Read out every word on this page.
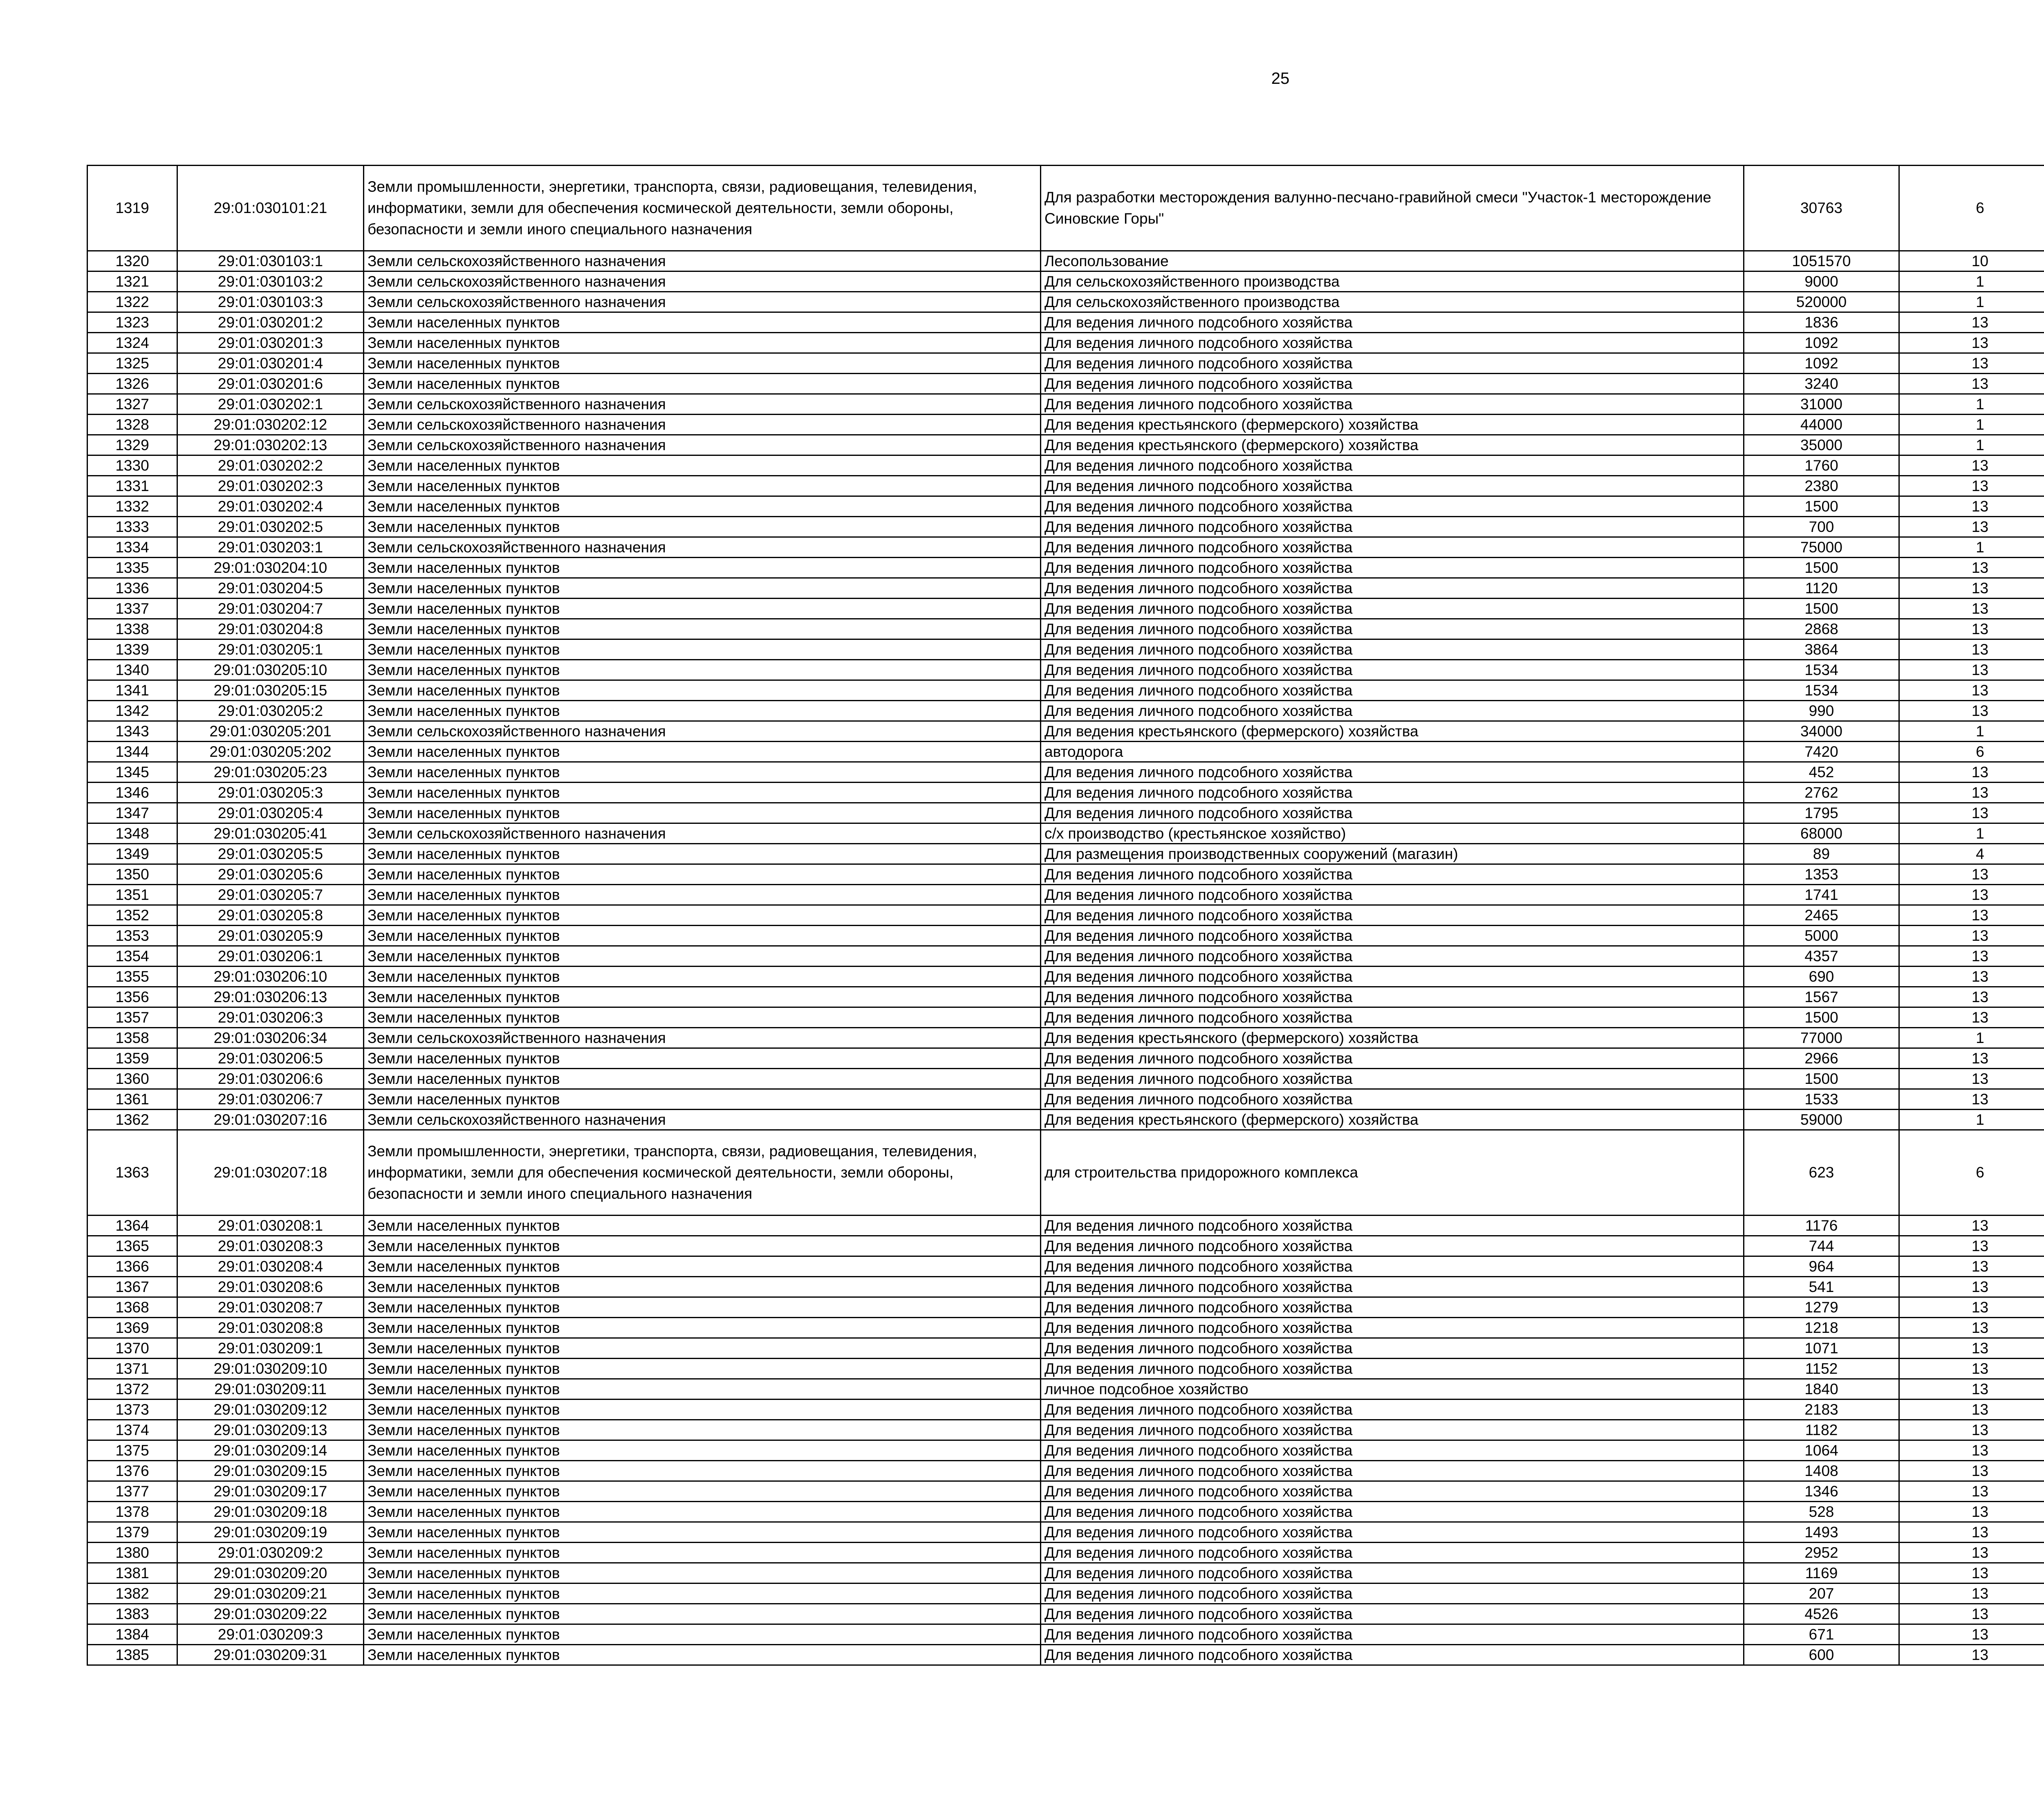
25
1319	29:01:030101:21	Земли промышленности, энергетики, транспорта, связи, радиовещания, телевидения, информатики, земли для обеспечения космической деятельности, земли обороны, безопасности и земли иного специального назначения	Для разработки месторождения валунно-песчано-гравийной смеси "Участок-1 месторождение Синовские Горы"	30763	6		
1320	29:01:030103:1	Земли сельскохозяйственного назначения	Лесопользование	1051570	10		
1321	29:01:030103:2	Земли сельскохозяйственного назначения	Для сельскохозяйственного производства	9000	1		
1322	29:01:030103:3	Земли сельскохозяйственного назначения	Для сельскохозяйственного производства	520000	1		
1323	29:01:030201:2	Земли населенных пунктов	Для ведения личного подсобного хозяйства	1836	13		
1324	29:01:030201:3	Земли населенных пунктов	Для ведения личного подсобного хозяйства	1092	13		
1325	29:01:030201:4	Земли населенных пунктов	Для ведения личного подсобного хозяйства	1092	13		
1326	29:01:030201:6	Земли населенных пунктов	Для ведения личного подсобного хозяйства	3240	13		
1327	29:01:030202:1	Земли сельскохозяйственного назначения	Для ведения личного подсобного хозяйства	31000	1		
1328	29:01:030202:12	Земли сельскохозяйственного назначения	Для ведения крестьянского (фермерского) хозяйства	44000	1		
1329	29:01:030202:13	Земли сельскохозяйственного назначения	Для ведения крестьянского (фермерского) хозяйства	35000	1		
1330	29:01:030202:2	Земли населенных пунктов	Для ведения личного подсобного хозяйства	1760	13		
1331	29:01:030202:3	Земли населенных пунктов	Для ведения личного подсобного хозяйства	2380	13		
1332	29:01:030202:4	Земли населенных пунктов	Для ведения личного подсобного хозяйства	1500	13		
1333	29:01:030202:5	Земли населенных пунктов	Для ведения личного подсобного хозяйства	700	13		
1334	29:01:030203:1	Земли сельскохозяйственного назначения	Для ведения личного подсобного хозяйства	75000	1		
1335	29:01:030204:10	Земли населенных пунктов	Для ведения личного подсобного хозяйства	1500	13		
1336	29:01:030204:5	Земли населенных пунктов	Для ведения личного подсобного хозяйства	1120	13		
1337	29:01:030204:7	Земли населенных пунктов	Для ведения личного подсобного хозяйства	1500	13		
1338	29:01:030204:8	Земли населенных пунктов	Для ведения личного подсобного хозяйства	2868	13		
1339	29:01:030205:1	Земли населенных пунктов	Для ведения личного подсобного хозяйства	3864	13		
1340	29:01:030205:10	Земли населенных пунктов	Для ведения личного подсобного хозяйства	1534	13		
1341	29:01:030205:15	Земли населенных пунктов	Для ведения личного подсобного хозяйства	1534	13		
1342	29:01:030205:2	Земли населенных пунктов	Для ведения личного подсобного хозяйства	990	13		
1343	29:01:030205:201	Земли сельскохозяйственного назначения	Для ведения крестьянского (фермерского) хозяйства	34000	1		
1344	29:01:030205:202	Земли населенных пунктов	автодорога	7420	6		
1345	29:01:030205:23	Земли населенных пунктов	Для ведения личного подсобного хозяйства	452	13		
1346	29:01:030205:3	Земли населенных пунктов	Для ведения личного подсобного хозяйства	2762	13		
1347	29:01:030205:4	Земли населенных пунктов	Для ведения личного подсобного хозяйства	1795	13		
1348	29:01:030205:41	Земли сельскохозяйственного назначения	с/х производство (крестьянское хозяйство)	68000	1		
1349	29:01:030205:5	Земли населенных пунктов	Для размещения производственных сооружений (магазин)	89	4		
1350	29:01:030205:6	Земли населенных пунктов	Для ведения личного подсобного хозяйства	1353	13		
1351	29:01:030205:7	Земли населенных пунктов	Для ведения личного подсобного хозяйства	1741	13		
1352	29:01:030205:8	Земли населенных пунктов	Для ведения личного подсобного хозяйства	2465	13		
1353	29:01:030205:9	Земли населенных пунктов	Для ведения личного подсобного хозяйства	5000	13		
1354	29:01:030206:1	Земли населенных пунктов	Для ведения личного подсобного хозяйства	4357	13		
1355	29:01:030206:10	Земли населенных пунктов	Для ведения личного подсобного хозяйства	690	13		
1356	29:01:030206:13	Земли населенных пунктов	Для ведения личного подсобного хозяйства	1567	13		
1357	29:01:030206:3	Земли населенных пунктов	Для ведения личного подсобного хозяйства	1500	13		
1358	29:01:030206:34	Земли сельскохозяйственного назначения	Для ведения крестьянского (фермерского) хозяйства	77000	1		
1359	29:01:030206:5	Земли населенных пунктов	Для ведения личного подсобного хозяйства	2966	13		
1360	29:01:030206:6	Земли населенных пунктов	Для ведения личного подсобного хозяйства	1500	13		
1361	29:01:030206:7	Земли населенных пунктов	Для ведения личного подсобного хозяйства	1533	13		
1362	29:01:030207:16	Земли сельскохозяйственного назначения	Для ведения крестьянского (фермерского) хозяйства	59000	1		
1363	29:01:030207:18	Земли промышленности, энергетики, транспорта, связи, радиовещания, телевидения, информатики, земли для обеспечения космической деятельности, земли обороны, безопасности и земли иного специального назначения	для строительства придорожного комплекса	623	6		
1364	29:01:030208:1	Земли населенных пунктов	Для ведения личного подсобного хозяйства	1176	13		
1365	29:01:030208:3	Земли населенных пунктов	Для ведения личного подсобного хозяйства	744	13		
1366	29:01:030208:4	Земли населенных пунктов	Для ведения личного подсобного хозяйства	964	13		
1367	29:01:030208:6	Земли населенных пунктов	Для ведения личного подсобного хозяйства	541	13		
1368	29:01:030208:7	Земли населенных пунктов	Для ведения личного подсобного хозяйства	1279	13		
1369	29:01:030208:8	Земли населенных пунктов	Для ведения личного подсобного хозяйства	1218	13		
1370	29:01:030209:1	Земли населенных пунктов	Для ведения личного подсобного хозяйства	1071	13		
1371	29:01:030209:10	Земли населенных пунктов	Для ведения личного подсобного хозяйства	1152	13		
1372	29:01:030209:11	Земли населенных пунктов	личное подсобное хозяйство	1840	13		
1373	29:01:030209:12	Земли населенных пунктов	Для ведения личного подсобного хозяйства	2183	13		
1374	29:01:030209:13	Земли населенных пунктов	Для ведения личного подсобного хозяйства	1182	13		
1375	29:01:030209:14	Земли населенных пунктов	Для ведения личного подсобного хозяйства	1064	13		
1376	29:01:030209:15	Земли населенных пунктов	Для ведения личного подсобного хозяйства	1408	13		
1377	29:01:030209:17	Земли населенных пунктов	Для ведения личного подсобного хозяйства	1346	13		
1378	29:01:030209:18	Земли населенных пунктов	Для ведения личного подсобного хозяйства	528	13		
1379	29:01:030209:19	Земли населенных пунктов	Для ведения личного подсобного хозяйства	1493	13		
1380	29:01:030209:2	Земли населенных пунктов	Для ведения личного подсобного хозяйства	2952	13		
1381	29:01:030209:20	Земли населенных пунктов	Для ведения личного подсобного хозяйства	1169	13		
1382	29:01:030209:21	Земли населенных пунктов	Для ведения личного подсобного хозяйства	207	13		
1383	29:01:030209:22	Земли населенных пунктов	Для ведения личного подсобного хозяйства	4526	13		
1384	29:01:030209:3	Земли населенных пунктов	Для ведения личного подсобного хозяйства	671	13		
1385	29:01:030209:31	Земли населенных пунктов	Для ведения личного подсобного хозяйства	600	13		
